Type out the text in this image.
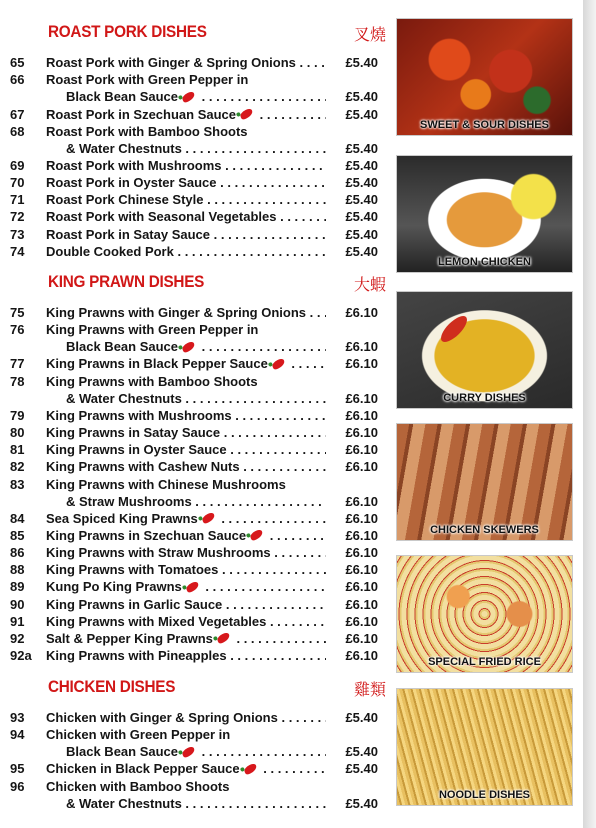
ROAST PORK DISHES	叉燒
65	Roast Pork with Ginger & Spring Onions . . .	£5.40
66	Roast Pork with Green Pepper in
Black Bean Sauce . . .	£5.40
67	Roast Pork in Szechuan Sauce . . .	£5.40
68	Roast Pork with Bamboo Shoots
& Water Chestnuts . . .	£5.40
69	Roast Pork with Mushrooms . . .	£5.40
70	Roast Pork in Oyster Sauce . . .	£5.40
71	Roast Pork Chinese Style . . .	£5.40
72	Roast Pork with Seasonal Vegetables . . .	£5.40
73	Roast Pork in Satay Sauce . . .	£5.40
74	Double Cooked Pork . . .	£5.40
KING PRAWN DISHES	大蝦
75	King Prawns with Ginger & Spring Onions . . .	£6.10
76	King Prawns with Green Pepper in
Black Bean Sauce . . .	£6.10
77	King Prawns in Black Pepper Sauce . . .	£6.10
78	King Prawns with Bamboo Shoots
& Water Chestnuts . . .	£6.10
79	King Prawns with Mushrooms . . .	£6.10
80	King Prawns in Satay Sauce . . .	£6.10
81	King Prawns in Oyster Sauce . . .	£6.10
82	King Prawns with Cashew Nuts . . .	£6.10
83	King Prawns with Chinese Mushrooms
& Straw Mushrooms . . .	£6.10
84	Sea Spiced King Prawns . . .	£6.10
85	King Prawns in Szechuan Sauce . . .	£6.10
86	King Prawns with Straw Mushrooms . . .	£6.10
88	King Prawns with Tomatoes . . .	£6.10
89	Kung Po King Prawns . . .	£6.10
90	King Prawns in Garlic Sauce . . .	£6.10
91	King Prawns with Mixed Vegetables . . .	£6.10
92	Salt & Pepper King Prawns . . .	£6.10
92a	King Prawns with Pineapples . . .	£6.10
CHICKEN DISHES	雞類
93	Chicken with Ginger & Spring Onions . . .	£5.40
94	Chicken with Green Pepper in
Black Bean Sauce . . .	£5.40
95	Chicken in Black Pepper Sauce . . .	£5.40
96	Chicken with Bamboo Shoots
& Water Chestnuts . . .	£5.40
SWEET & SOUR DISHES
LEMON CHICKEN
CURRY DISHES
CHICKEN SKEWERS
SPECIAL FRIED RICE
NOODLE DISHES
